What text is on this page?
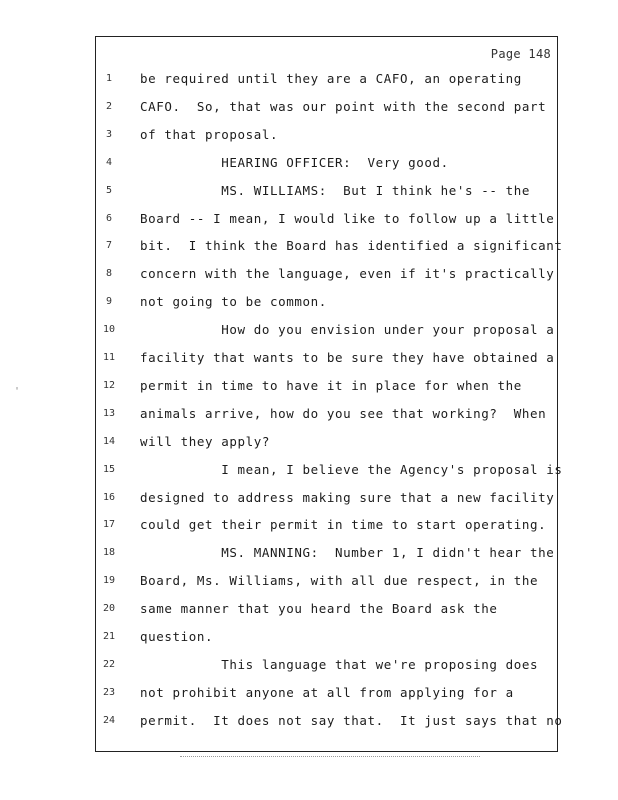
Page 148
1	be required until they are a CAFO, an operating
2	CAFO.  So, that was our point with the second part
3	of that proposal.
4	HEARING OFFICER:  Very good.
5	MS. WILLIAMS:  But I think he's -- the
6	Board -- I mean, I would like to follow up a little
7	bit.  I think the Board has identified a significant
8	concern with the language, even if it's practically
9	not going to be common.
10	How do you envision under your proposal a
11	facility that wants to be sure they have obtained a
12	permit in time to have it in place for when the
13	animals arrive, how do you see that working?  When
14	will they apply?
15	I mean, I believe the Agency's proposal is
16	designed to address making sure that a new facility
17	could get their permit in time to start operating.
18	MS. MANNING:  Number 1, I didn't hear the
19	Board, Ms. Williams, with all due respect, in the
20	same manner that you heard the Board ask the
21	question.
22	This language that we're proposing does
23	not prohibit anyone at all from applying for a
24	permit.  It does not say that.  It just says that no
'
